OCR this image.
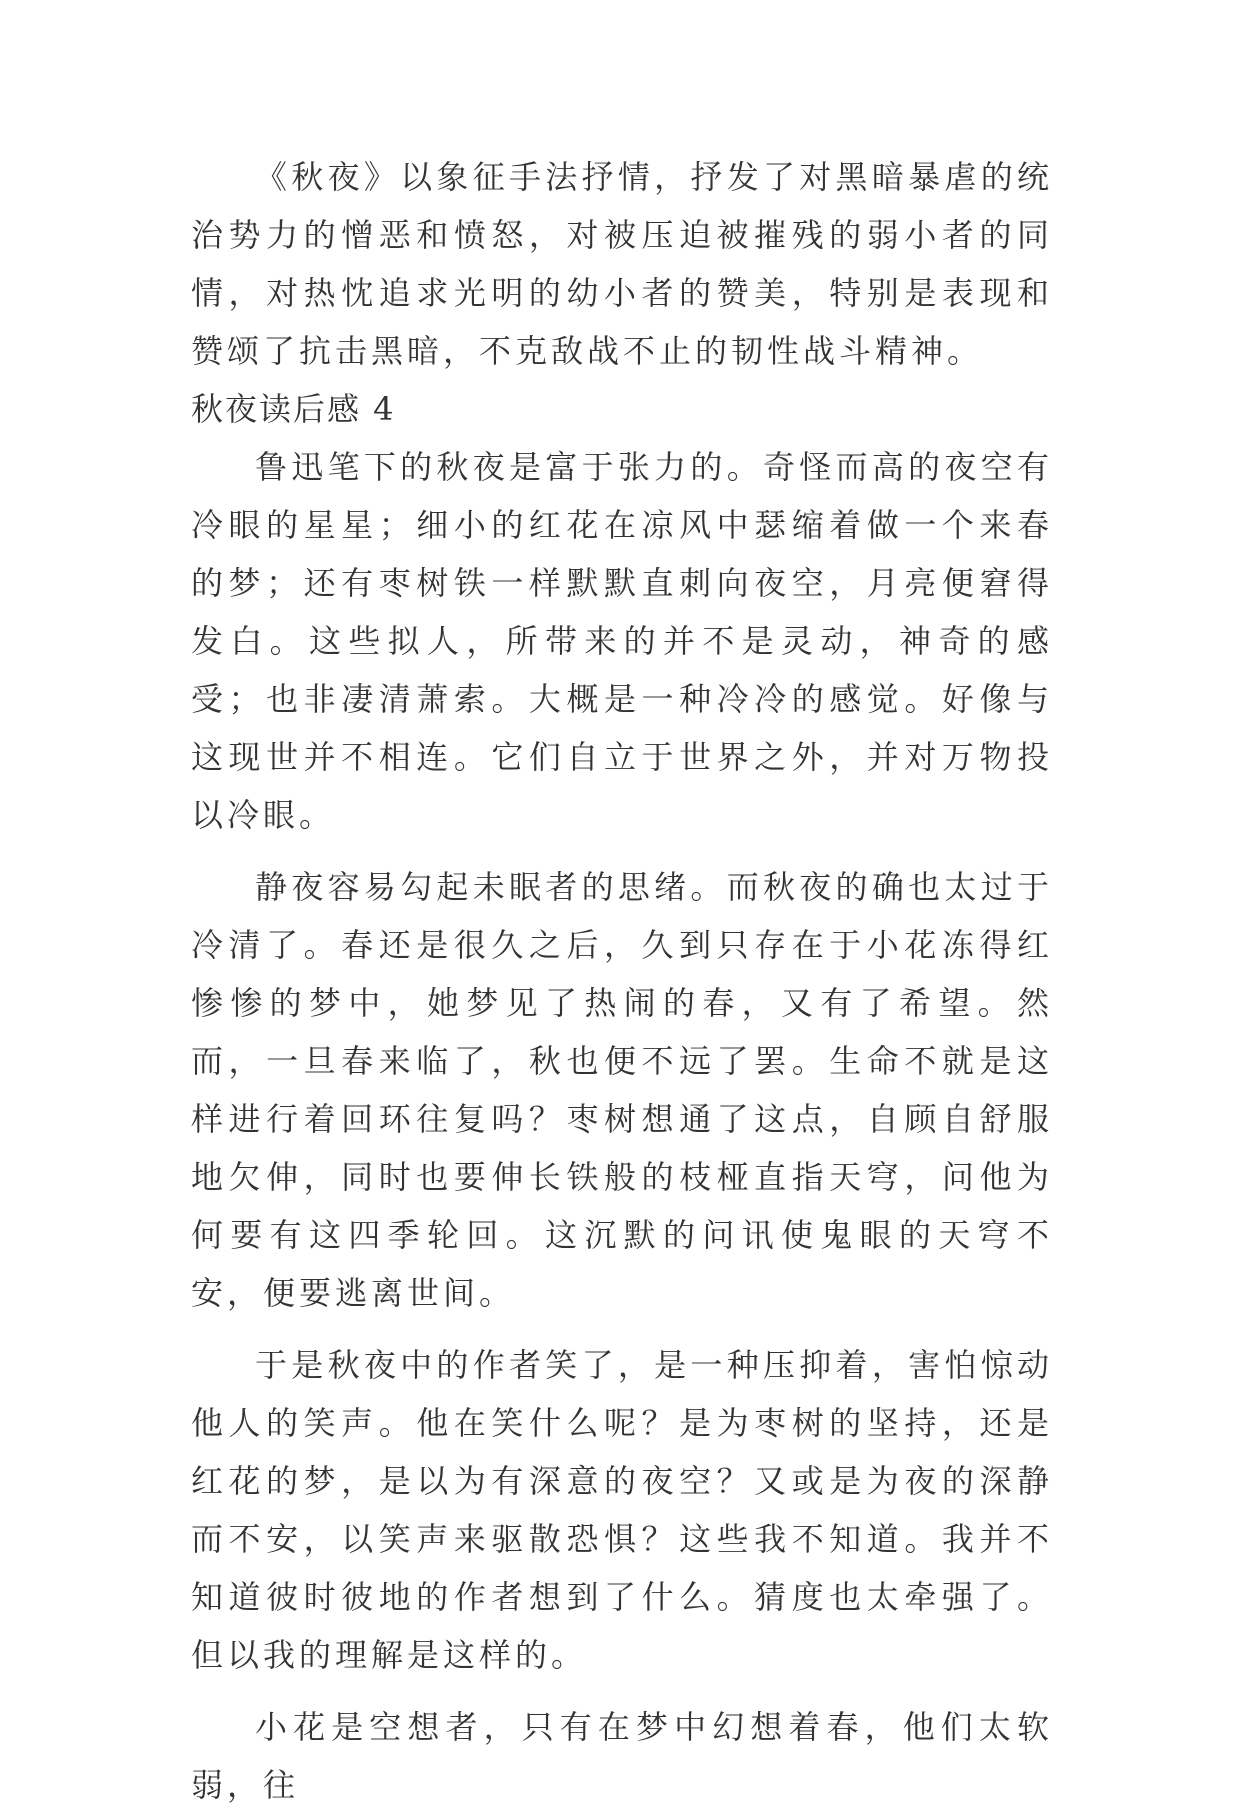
《秋夜》以象征手法抒情，抒发了对黑暗暴虐的统治势力的憎恶和愤怒，对被压迫被摧残的弱小者的同情，对热忱追求光明的幼小者的赞美，特别是表现和赞颂了抗击黑暗，不克敌战不止的韧性战斗精神。

秋夜读后感 4

鲁迅笔下的秋夜是富于张力的。奇怪而高的夜空有冷眼的星星；细小的红花在凉风中瑟缩着做一个来春的梦；还有枣树铁一样默默直刺向夜空，月亮便窘得发白。这些拟人，所带来的并不是灵动，神奇的感受；也非凄清萧索。大概是一种冷冷的感觉。好像与这现世并不相连。它们自立于世界之外，并对万物投以冷眼。

静夜容易勾起未眠者的思绪。而秋夜的确也太过于冷清了。春还是很久之后，久到只存在于小花冻得红惨惨的梦中，她梦见了热闹的春，又有了希望。然而，一旦春来临了，秋也便不远了罢。生命不就是这样进行着回环往复吗？枣树想通了这点，自顾自舒服地欠伸，同时也要伸长铁般的枝桠直指天穹，问他为何要有这四季轮回。这沉默的问讯使鬼眼的天穹不安，便要逃离世间。

于是秋夜中的作者笑了，是一种压抑着，害怕惊动他人的笑声。他在笑什么呢？是为枣树的坚持，还是红花的梦，是以为有深意的夜空？又或是为夜的深静而不安，以笑声来驱散恐惧？这些我不知道。我并不知道彼时彼地的作者想到了什么。猜度也太牵强了。但以我的理解是这样的。

小花是空想者，只有在梦中幻想着春，他们太软弱，往
